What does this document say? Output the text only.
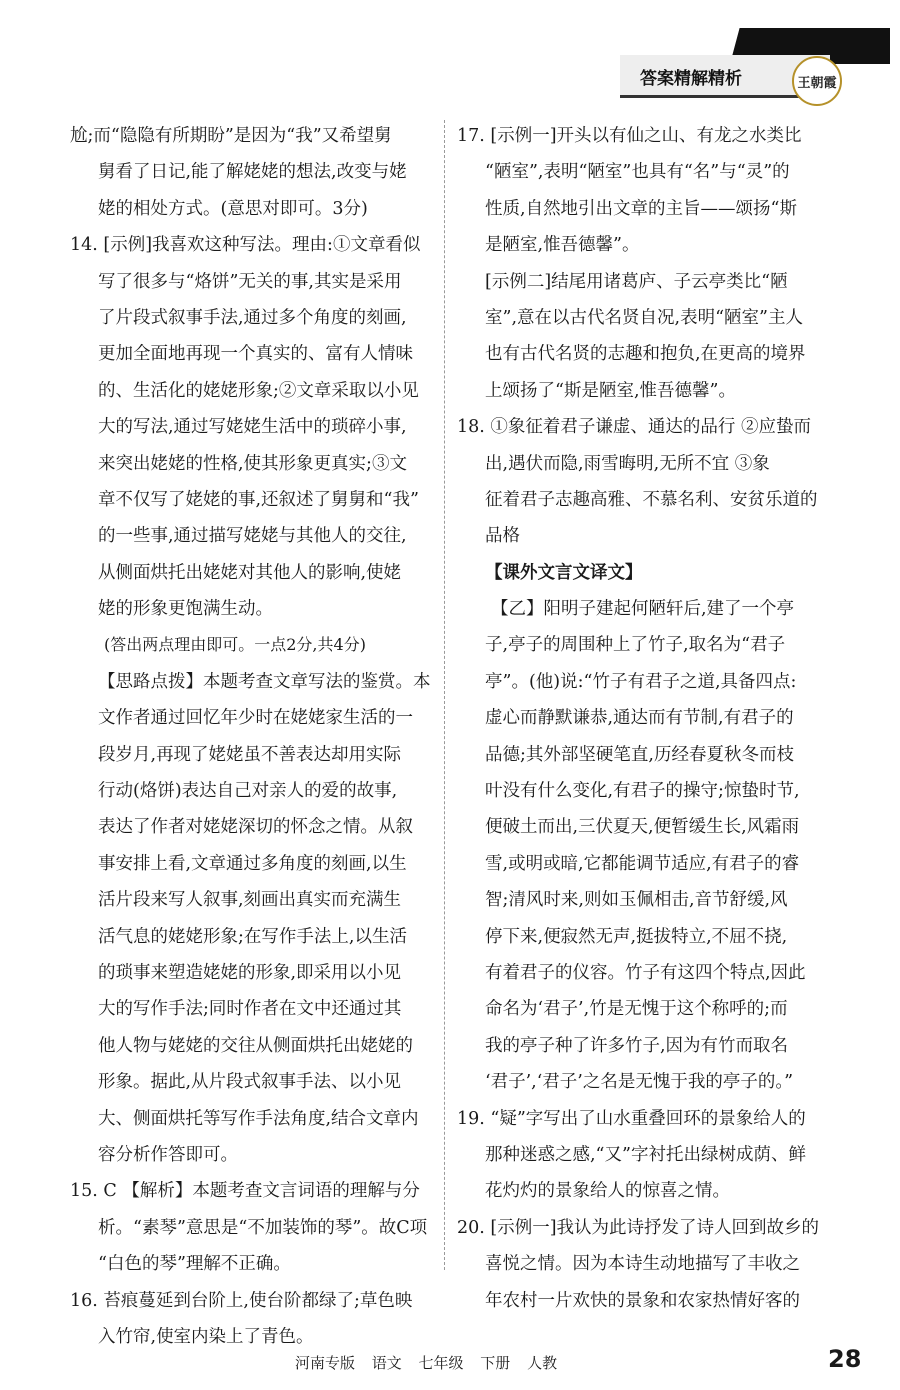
答案精解精析	王朝霞
尬;而“隐隐有所期盼”是因为“我”又希望舅
舅看了日记,能了解姥姥的想法,改变与姥
姥的相处方式。(意思对即可。3分)
14. [示例]我喜欢这种写法。理由:①文章看似
写了很多与“烙饼”无关的事,其实是采用
了片段式叙事手法,通过多个角度的刻画,
更加全面地再现一个真实的、富有人情味
的、生活化的姥姥形象;②文章采取以小见
大的写法,通过写姥姥生活中的琐碎小事,
来突出姥姥的性格,使其形象更真实;③文
章不仅写了姥姥的事,还叙述了舅舅和“我”
的一些事,通过描写姥姥与其他人的交往,
从侧面烘托出姥姥对其他人的影响,使姥
姥的形象更饱满生动。
(答出两点理由即可。一点2分,共4分)
【思路点拨】本题考查文章写法的鉴赏。本
文作者通过回忆年少时在姥姥家生活的一
段岁月,再现了姥姥虽不善表达却用实际
行动(烙饼)表达自己对亲人的爱的故事,
表达了作者对姥姥深切的怀念之情。从叙
事安排上看,文章通过多角度的刻画,以生
活片段来写人叙事,刻画出真实而充满生
活气息的姥姥形象;在写作手法上,以生活
的琐事来塑造姥姥的形象,即采用以小见
大的写作手法;同时作者在文中还通过其
他人物与姥姥的交往从侧面烘托出姥姥的
形象。据此,从片段式叙事手法、以小见
大、侧面烘托等写作手法角度,结合文章内
容分析作答即可。
15. C 【解析】本题考查文言词语的理解与分
析。“素琴”意思是“不加装饰的琴”。故C项
“白色的琴”理解不正确。
16. 苔痕蔓延到台阶上,使台阶都绿了;草色映
入竹帘,使室内染上了青色。
17. [示例一]开头以有仙之山、有龙之水类比
“陋室”,表明“陋室”也具有“名”与“灵”的
性质,自然地引出文章的主旨——颂扬“斯
是陋室,惟吾德馨”。
[示例二]结尾用诸葛庐、子云亭类比“陋
室”,意在以古代名贤自况,表明“陋室”主人
也有古代名贤的志趣和抱负,在更高的境界
上颂扬了“斯是陋室,惟吾德馨”。
18. ①象征着君子谦虚、通达的品行 ②应蛰而
出,遇伏而隐,雨雪晦明,无所不宜 ③象
征着君子志趣高雅、不慕名利、安贫乐道的
品格
【课外文言文译文】
【乙】阳明子建起何陋轩后,建了一个亭
子,亭子的周围种上了竹子,取名为“君子
亭”。(他)说:“竹子有君子之道,具备四点:
虚心而静默谦恭,通达而有节制,有君子的
品德;其外部坚硬笔直,历经春夏秋冬而枝
叶没有什么变化,有君子的操守;惊蛰时节,
便破土而出,三伏夏天,便暂缓生长,风霜雨
雪,或明或暗,它都能调节适应,有君子的睿
智;清风时来,则如玉佩相击,音节舒缓,风
停下来,便寂然无声,挺拔特立,不屈不挠,
有着君子的仪容。竹子有这四个特点,因此
命名为‘君子’,竹是无愧于这个称呼的;而
我的亭子种了许多竹子,因为有竹而取名
‘君子’,‘君子’之名是无愧于我的亭子的。”
19. “疑”字写出了山水重叠回环的景象给人的
那种迷惑之感,“又”字衬托出绿树成荫、鲜
花灼灼的景象给人的惊喜之情。
20. [示例一]我认为此诗抒发了诗人回到故乡的
喜悦之情。因为本诗生动地描写了丰收之
年农村一片欢快的景象和农家热情好客的
河南专版 语文 七年级 下册 人教	28
